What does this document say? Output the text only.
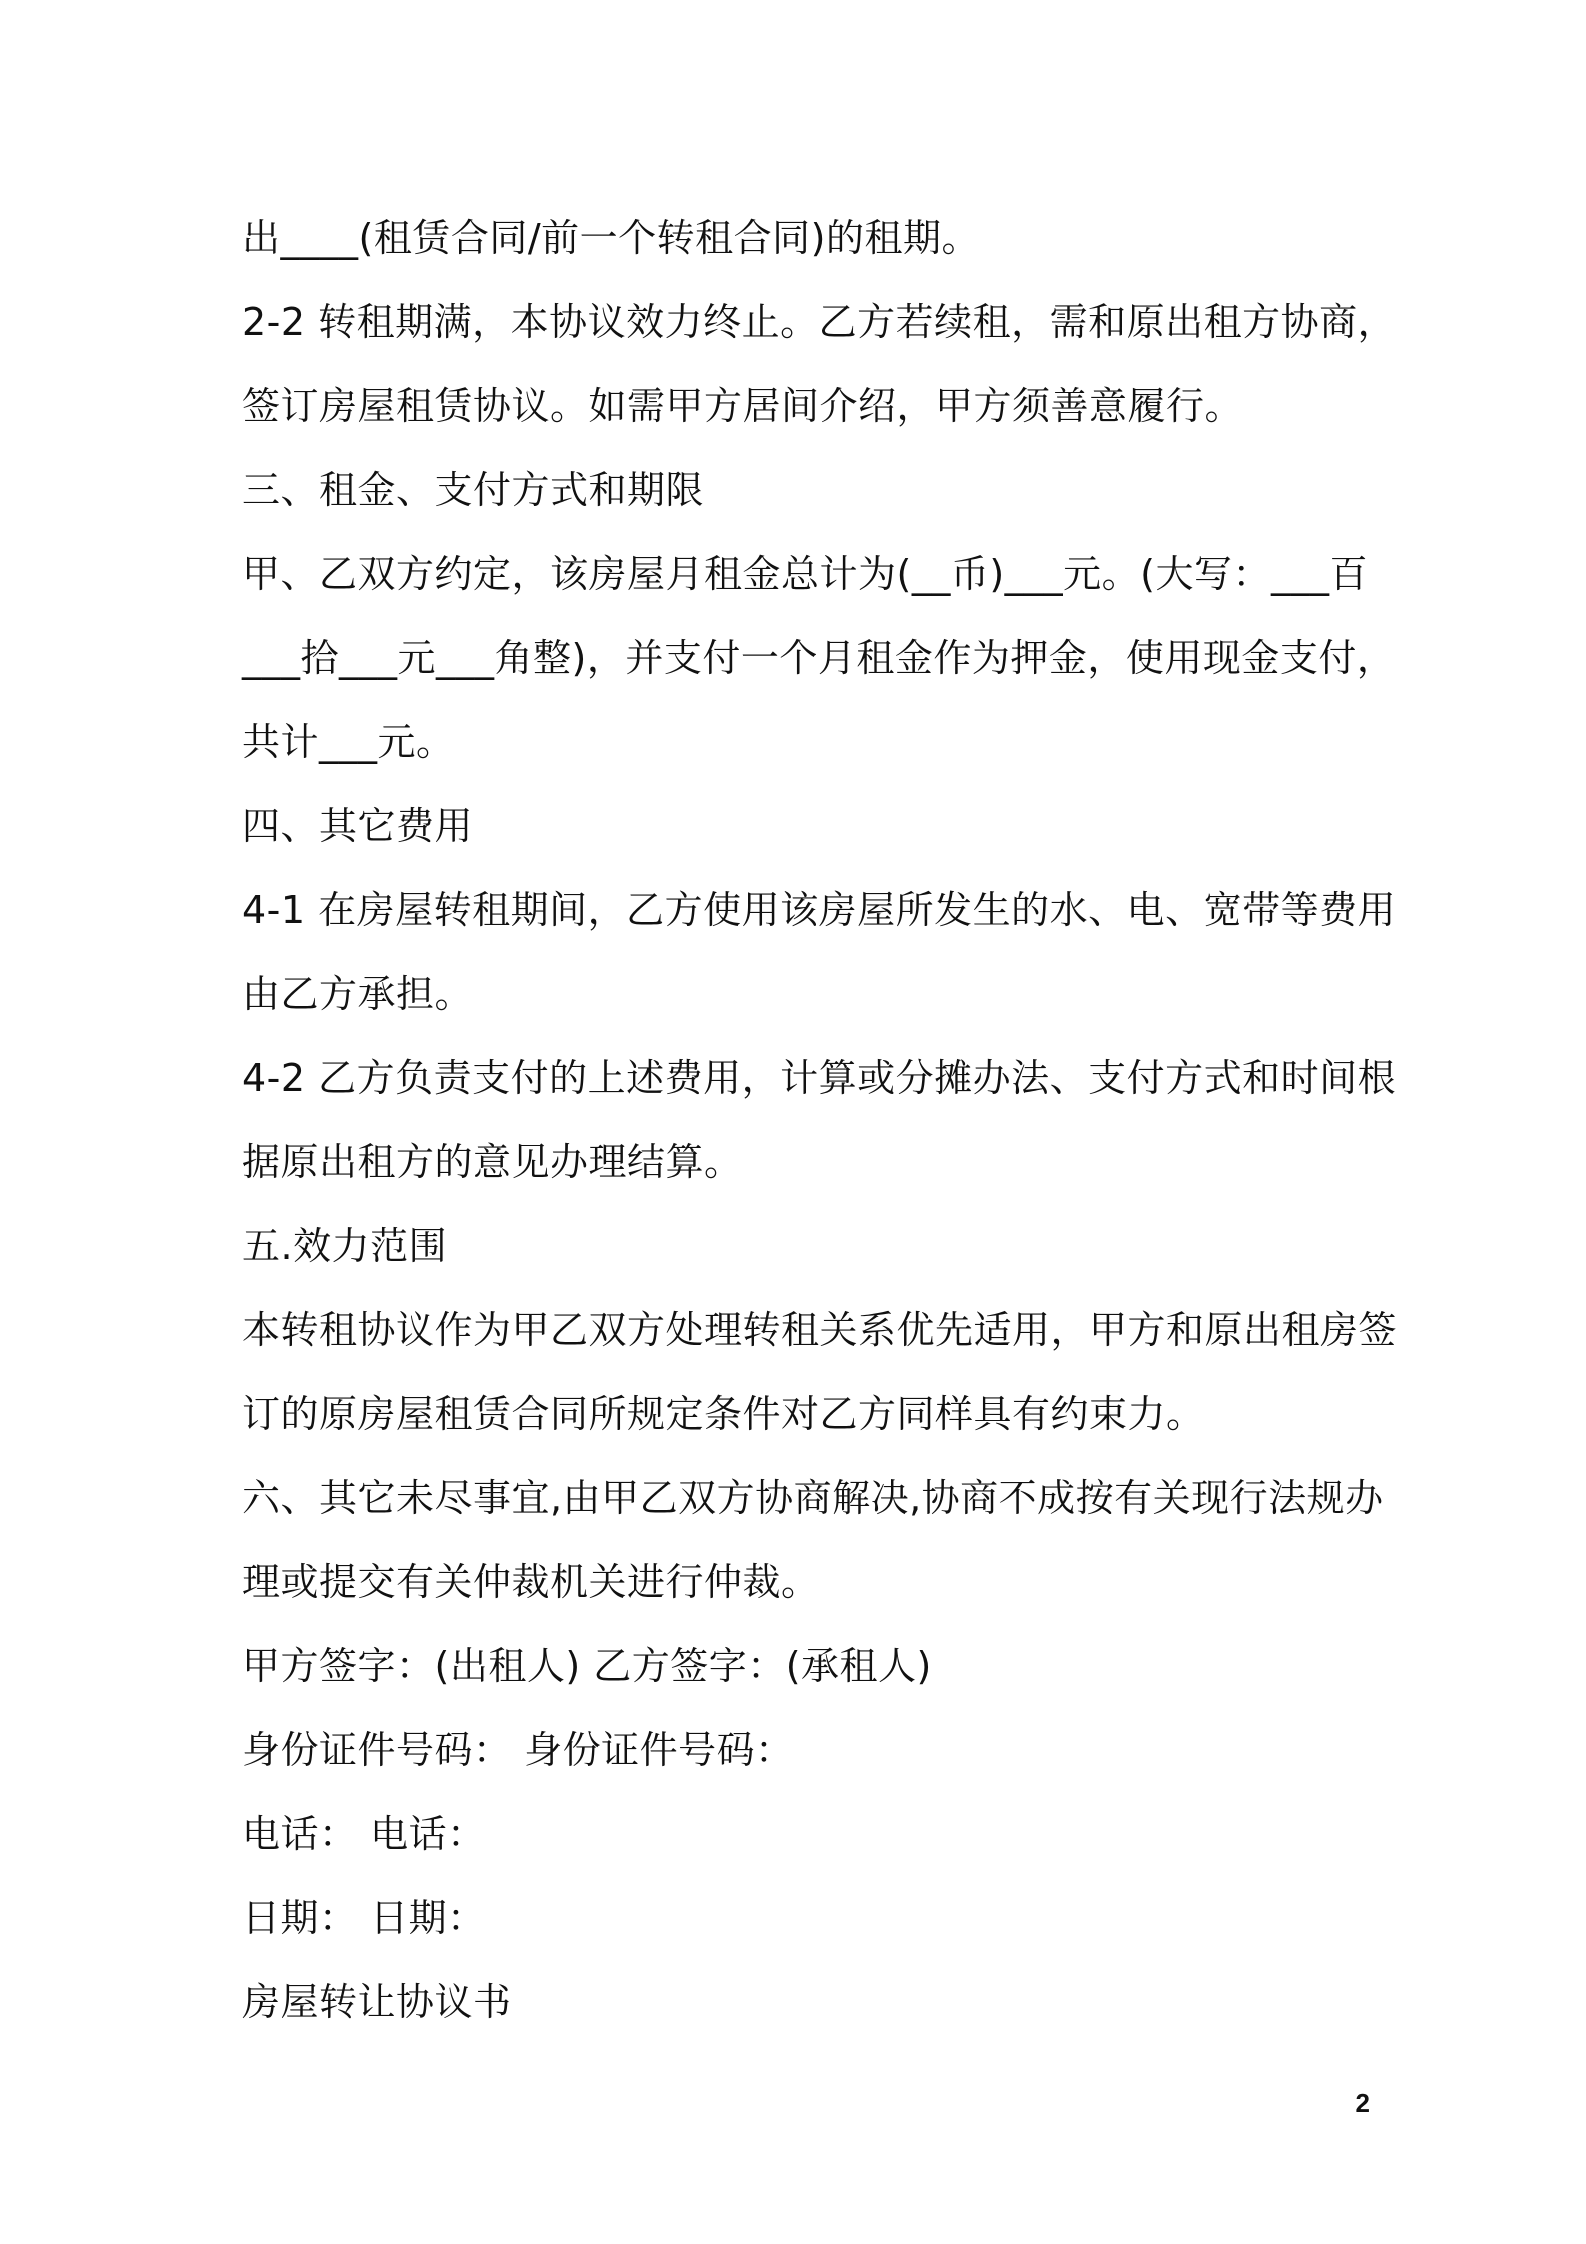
出____(租赁合同/前一个转租合同)的租期。
2-2 转租期满，本协议效力终止。乙方若续租，需和原出租方协商，
签订房屋租赁协议。如需甲方居间介绍，甲方须善意履行。
三、租金、支付方式和期限
甲、乙双方约定，该房屋月租金总计为(__币)___元。(大写：___百
___拾___元___角整)，并支付一个月租金作为押金，使用现金支付，
共计___元。
四、其它费用
4-1 在房屋转租期间，乙方使用该房屋所发生的水、电、宽带等费用
由乙方承担。
4-2 乙方负责支付的上述费用，计算或分摊办法、支付方式和时间根
据原出租方的意见办理结算。
五.效力范围
本转租协议作为甲乙双方处理转租关系优先适用，甲方和原出租房签
订的原房屋租赁合同所规定条件对乙方同样具有约束力。
六、其它未尽事宜,由甲乙双方协商解决,协商不成按有关现行法规办
理或提交有关仲裁机关进行仲裁。
甲方签字：(出租人) 乙方签字：(承租人)
身份证件号码： 身份证件号码：
电话： 电话：
日期： 日期：
房屋转让协议书
2
